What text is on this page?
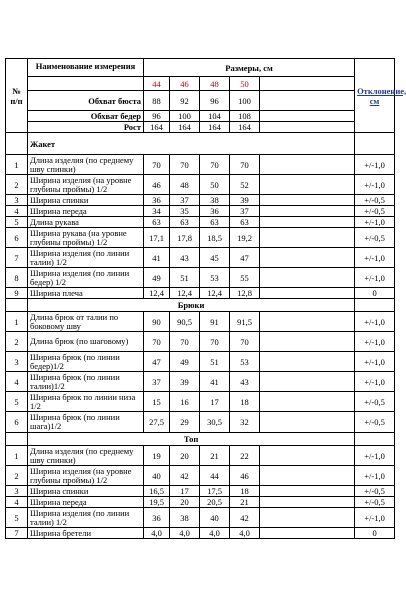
№ п/п	Наименование измерения	Размеры, см					Отклонение, см
		44	46	48	50		
	Обхват бюста	88	92	96	100		
	Обхват бедер	96	100	104	108		
	Рост	164	164	164	164		
	Жакет						
1	Длина изделия (по среднему шву спинки)	70	70	70	70		+/-1,0
2	Ширина изделия (на уровне глубины проймы) 1/2	46	48	50	52		+/-1,0
3	Ширина спинки	36	37	38	39		+/-0,5
4	Ширина переда	34	35	36	37		+/-0,5
5	Длина рукава	63	63	63	63		+/-1,0
6	Ширина рукава (на уровне глубины проймы) 1/2	17,1	17,8	18,5	19,2		+/-0,5
7	Ширина изделия (по линии талии) 1/2	41	43	45	47		+/-1,0
8	Ширина изделия (по линии бедер) 1/2	49	51	53	55		+/-1,0
9	Ширина плеча	12,4	12,4	12,4	12,8		0
	Брюки						
1	Длина брюк от талии по боковому шву	90	90,5	91	91,5		+/-1,0
2	Длина брюк (по шаговому)	70	70	70	70		+/-1,0
3	Ширина брюк (по линии бедер)1/2	47	49	51	53		+/-1,0
4	Ширина брюк (по линии талии)1/2	37	39	41	43		+/-1,0
5	Ширина брюк по линии низа 1/2	15	16	17	18		+/-0,5
6	Ширина брюк (по линии шага)1/2	27,5	29	30,5	32		+/-0,5
	Топ						
1	Длина изделия (по среднему шву спинки)	19	20	21	22		+/-1,0
2	Ширина изделия (на уровне глубины проймы) 1/2	40	42	44	46		+/-1,0
3	Ширина спинки	16,5	17	17,5	18		+/-0,5
4	Ширина переда	19,5	20	20,5	21		+/-0,5
5	Ширина изделия (по линии талии) 1/2	36	38	40	42		+/-1,0
7	Ширина бретели	4,0	4,0	4,0	4,0		0
